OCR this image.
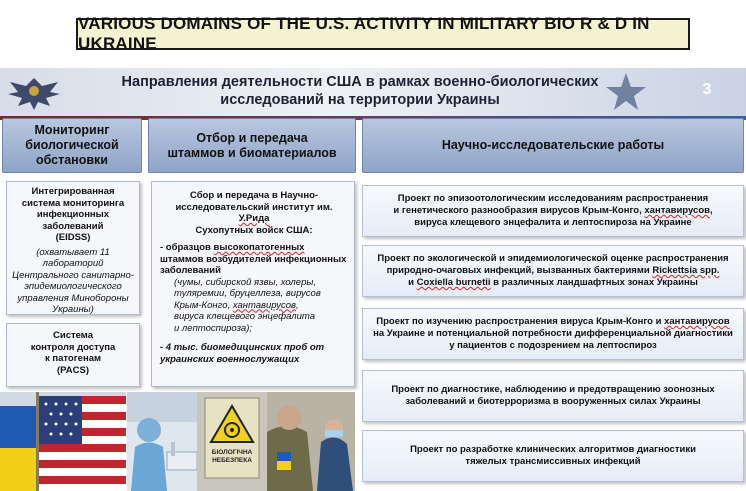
VARIOUS DOMAINS OF THE U.S. ACTIVITY IN MILITARY BIO R & D IN UKRAINE
Направления деятельности США в рамках военно-биологических
исследований на территории Украины
3
Мониторинг
биологической
обстановки
Отбор и передача
штаммов и биоматериалов
Научно-исследовательские работы
Интегрированная
система мониторинга
инфекционных
заболеваний
(EIDSS)
(охватывает 11 лабораторий
Центрального санитарно-
эпидемиологического
управления Минобороны
Украины)
Система
контроля доступа
к патогенам
(PACS)
Сбор и передача в Научно-
исследовательский институт им. У.Рида
Сухопутных войск США:
- образцов высокопатогенных
штаммов возбудителей инфекционных
заболеваний
(чумы, сибирской язвы, холеры,
туляремии, бруцеллеза, вирусов
Крым-Конго, хантавирусов,
вируса клещевого энцефалита
и лептоспироза);
- 4 тыс. биомедицинских проб от
украинских военнослужащих
Проект по эпизоотологическим исследованиям распространения
и генетического разнообразия вирусов Крым-Конго, хантавирусов,
вируса клещевого энцефалита и лептоспироза на Украине
Проект по экологической и эпидемиологической оценке распространения
природно-очаговых инфекций, вызванных бактериями Rickettsia spp.
и Coxiella burnetii в различных ландшафтных зонах Украины
Проект по изучению распространения вируса Крым-Конго и хантавирусов
на Украине и потенциальной потребности дифференциальной диагностики
у пациентов с подозрением на лептоспироз
Проект по диагностике, наблюдению и предотвращению зоонозных
заболеваний и биотерроризма в вооруженных силах Украины
Проект по разработке клинических алгоритмов диагностики
тяжелых трансмиссивных инфекций
БІОЛОГІЧНА
НЕБЕЗПЕКА
